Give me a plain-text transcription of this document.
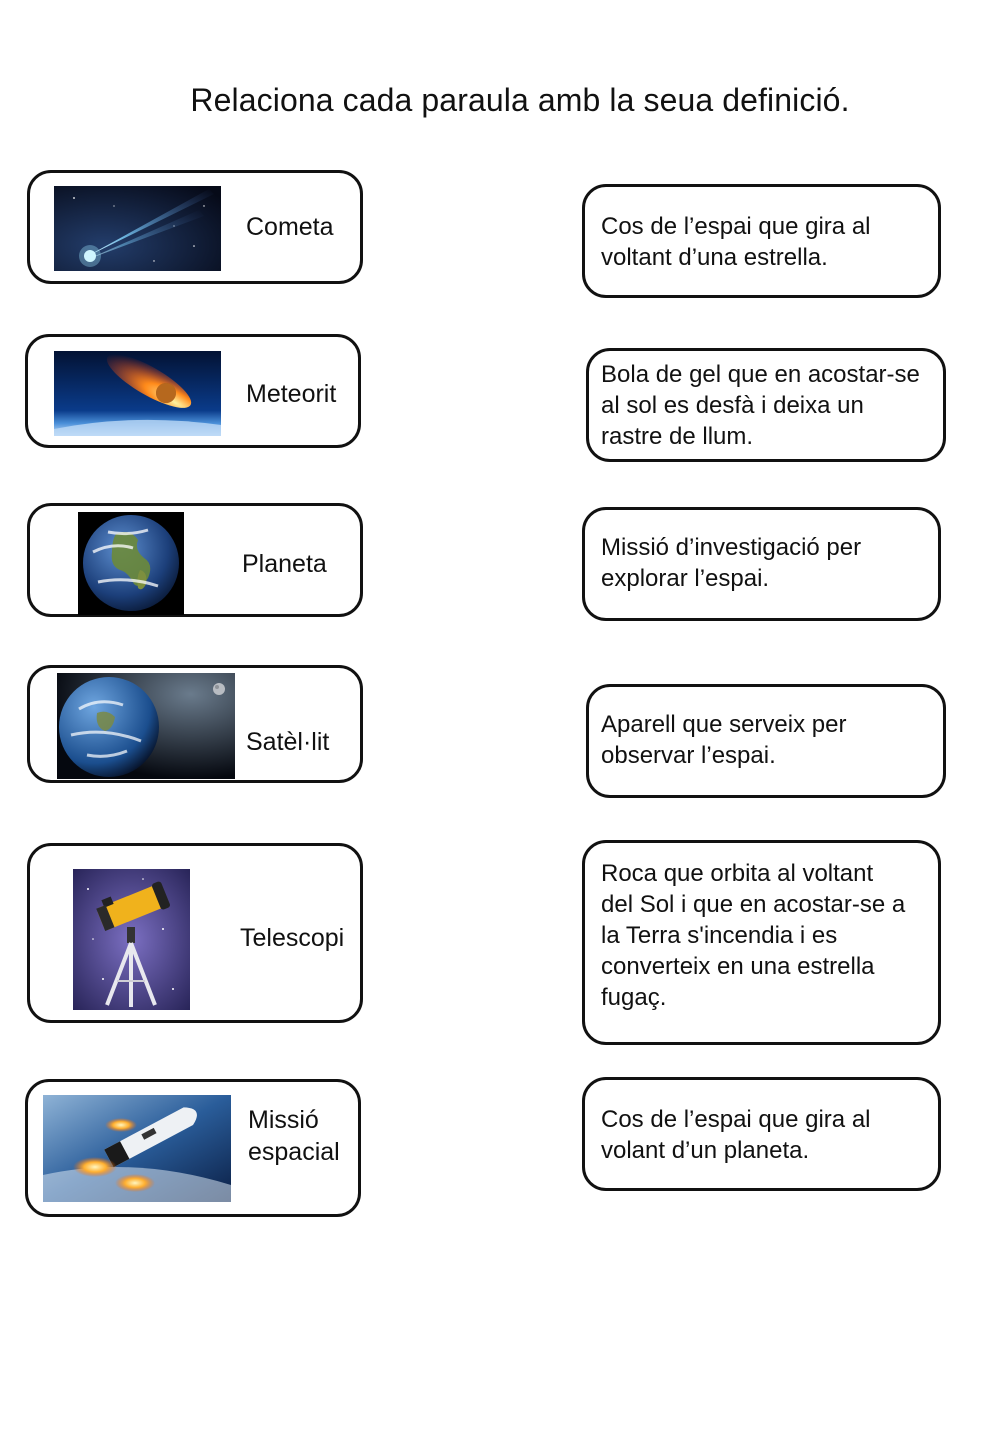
Relaciona cada paraula amb la seua definició.
Cometa
Meteorit
Planeta
Satèl·lit
Telescopi
Missió
espacial
Cos de l’espai que gira al
voltant d’una estrella.
Bola de gel que en acostar-se
al sol es desfà i deixa un
rastre de llum.
Missió d’investigació per
explorar l’espai.
Aparell que serveix per
observar l’espai.
Roca que orbita al voltant
del Sol i que en acostar-se a
la Terra s'incendia i es
converteix en una estrella
fugaç.
Cos de l’espai que gira al
volant d’un planeta.
